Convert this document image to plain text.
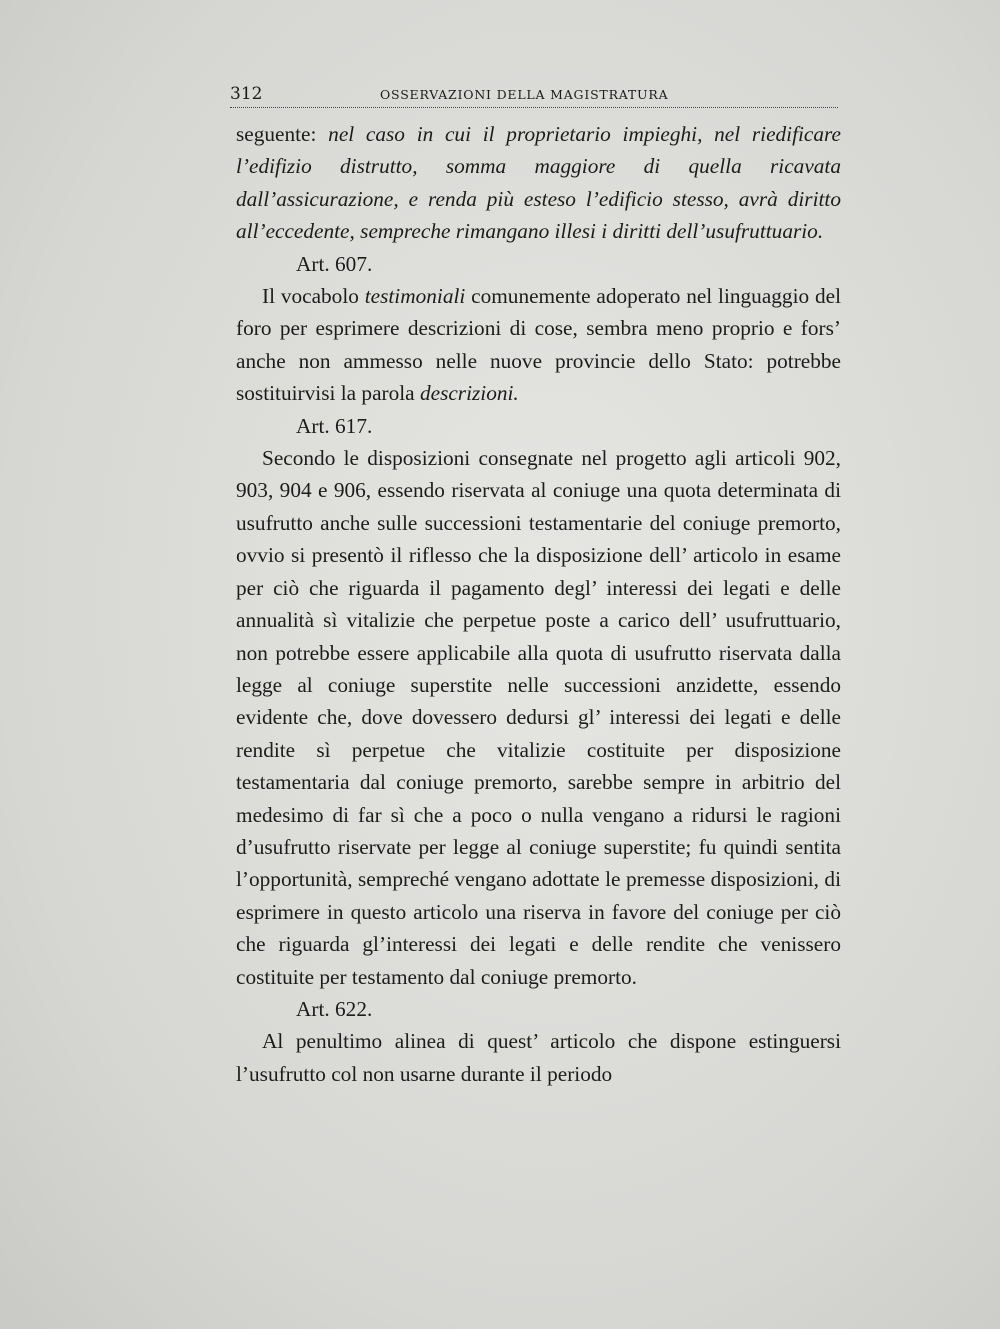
312	OSSERVAZIONI DELLA MAGISTRATURA

seguente: nel caso in cui il proprietario impieghi, nel riedificare l’edifizio distrutto, somma maggiore di quella ricavata dall’assicurazione, e renda più esteso l’edificio stesso, avrà diritto all’eccedente, sempreche rimangano illesi i diritti dell’usufruttuario.

Art. 607.

Il vocabolo testimoniali comunemente adoperato nel linguaggio del foro per esprimere descrizioni di cose, sembra meno proprio e fors’ anche non ammesso nelle nuove provincie dello Stato: potrebbe sostituirvisi la parola descrizioni.

Art. 617.

Secondo le disposizioni consegnate nel progetto agli articoli 902, 903, 904 e 906, essendo riservata al coniuge una quota determinata di usufrutto anche sulle successioni testamentarie del coniuge premorto, ovvio si presentò il riflesso che la disposizione dell’ articolo in esame per ciò che riguarda il pagamento degl’ interessi dei legati e delle annualità sì vitalizie che perpetue poste a carico dell’ usufruttuario, non potrebbe essere applicabile alla quota di usufrutto riservata dalla legge al coniuge superstite nelle successioni anzidette, essendo evidente che, dove dovessero dedursi gl’ interessi dei legati e delle rendite sì perpetue che vitalizie costituite per disposizione testamentaria dal coniuge premorto, sarebbe sempre in arbitrio del medesimo di far sì che a poco o nulla vengano a ridursi le ragioni d’usufrutto riservate per legge al coniuge superstite; fu quindi sentita l’opportunità, sempreché vengano adottate le premesse disposizioni, di esprimere in questo articolo una riserva in favore del coniuge per ciò che riguarda gl’interessi dei legati e delle rendite che venissero costituite per testamento dal coniuge premorto.

Art. 622.

Al penultimo alinea di quest’ articolo che dispone estinguersi l’usufrutto col non usarne durante il periodo
